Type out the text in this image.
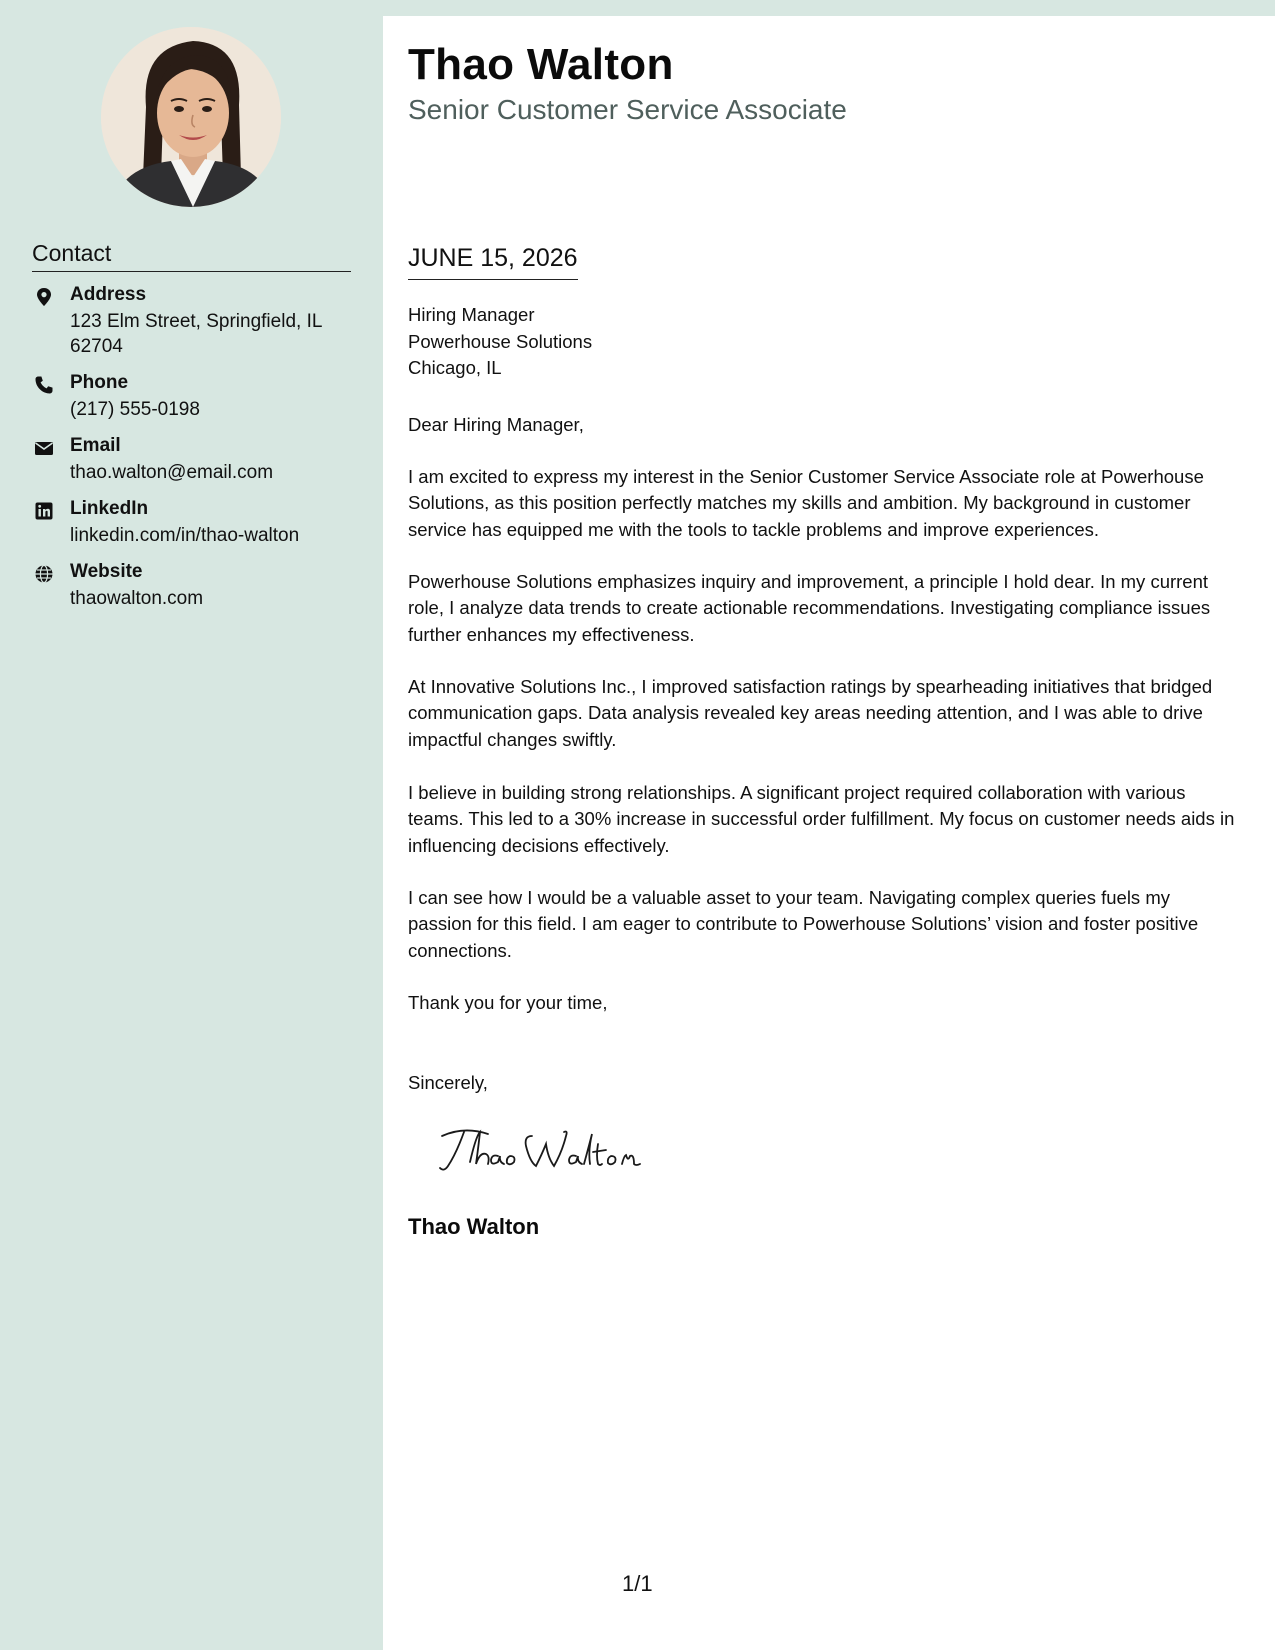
Contact
Address
123 Elm Street, Springfield, IL 62704
Phone
(217) 555-0198
Email
thao.walton@email.com
LinkedIn
linkedin.com/in/thao-walton
Website
thaowalton.com
Thao Walton
Senior Customer Service Associate
JUNE 15, 2026
Hiring Manager
Powerhouse Solutions
Chicago, IL

Dear Hiring Manager,

I am excited to express my interest in the Senior Customer Service Associate role at Powerhouse Solutions, as this position perfectly matches my skills and ambition. My background in customer service has equipped me with the tools to tackle problems and improve experiences.

Powerhouse Solutions emphasizes inquiry and improvement, a principle I hold dear. In my current role, I analyze data trends to create actionable recommendations. Investigating compliance issues further enhances my effectiveness.

At Innovative Solutions Inc., I improved satisfaction ratings by spearheading initiatives that bridged communication gaps. Data analysis revealed key areas needing attention, and I was able to drive impactful changes swiftly.

I believe in building strong relationships. A significant project required collaboration with various teams. This led to a 30% increase in successful order fulfillment. My focus on customer needs aids in influencing decisions effectively.

I can see how I would be a valuable asset to your team. Navigating complex queries fuels my passion for this field. I am eager to contribute to Powerhouse Solutions’ vision and foster positive connections.

Thank you for your time,

Sincerely,

Thao Walton
1/1
